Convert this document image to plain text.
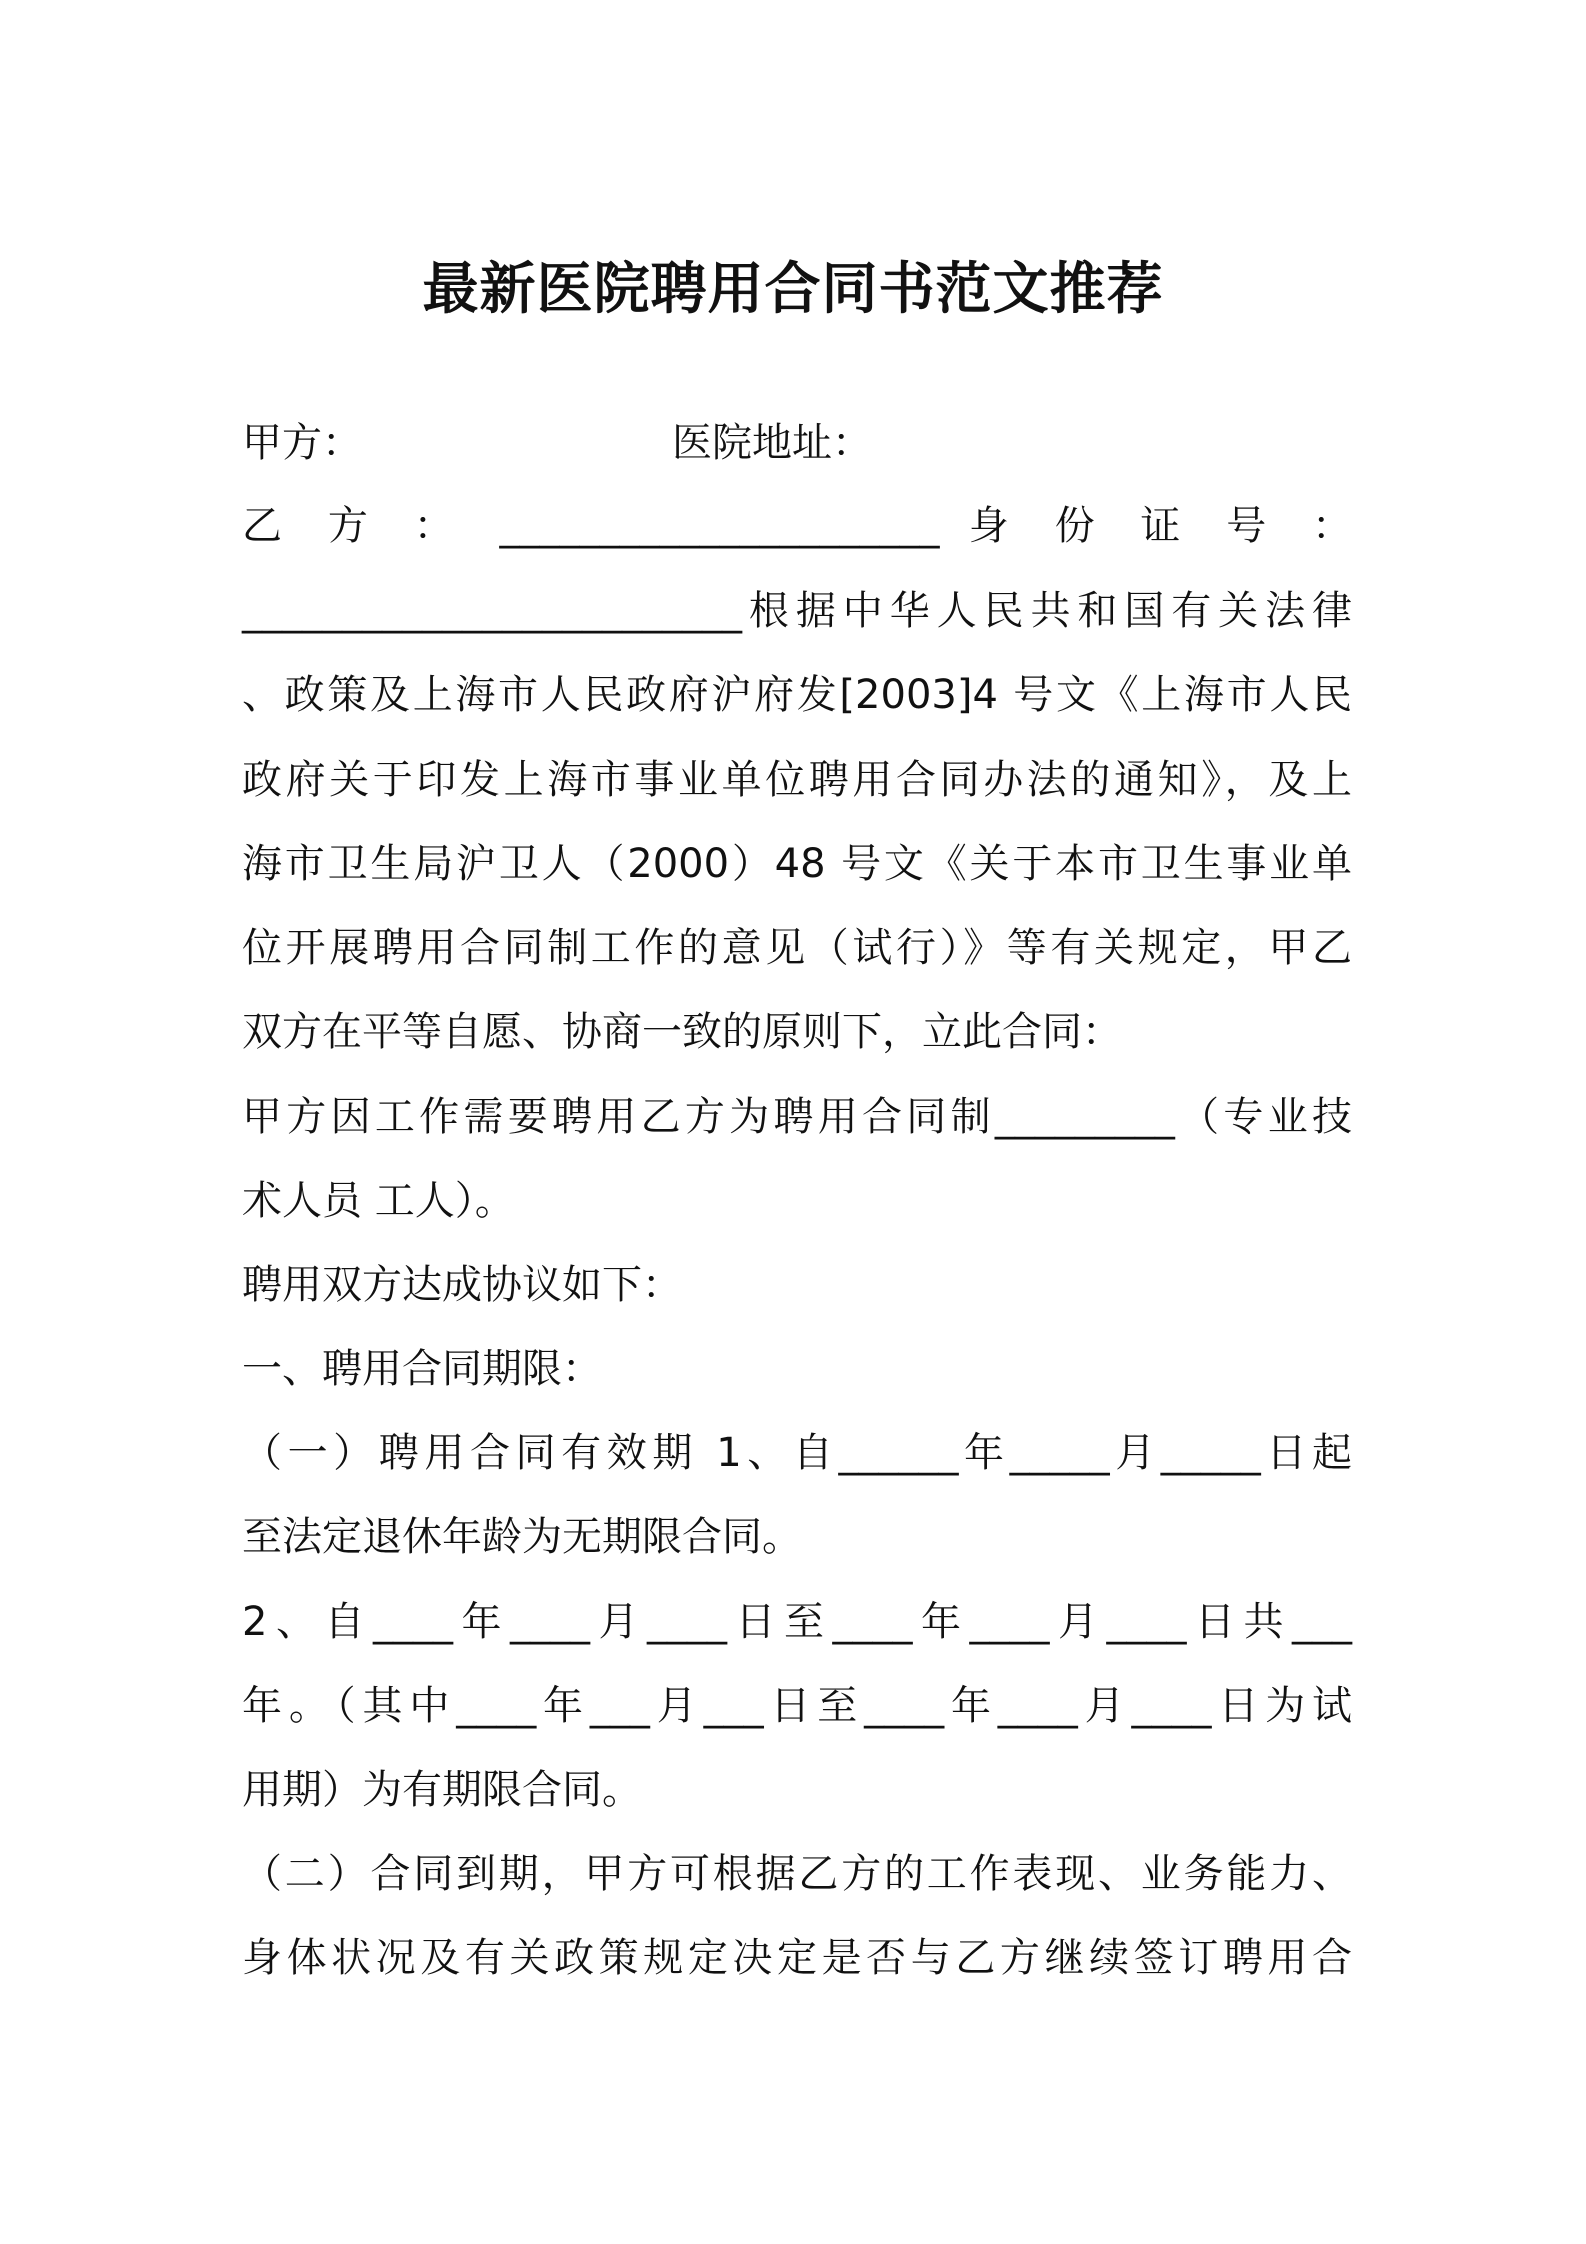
最新医院聘用合同书范文推荐
甲方：	医院地址：
乙 方 ： ______________________ 身 份 证 号 ：
_________________________根据中华人民共和国有关法律
、政策及上海市人民政府沪府发[2003]4 号文《上海市人民
政府关于印发上海市事业单位聘用合同办法的通知》，及上
海市卫生局沪卫人（2000）48 号文《关于本市卫生事业单
位开展聘用合同制工作的意见（试行）》等有关规定，甲乙
双方在平等自愿、协商一致的原则下，立此合同：
甲方因工作需要聘用乙方为聘用合同制_________（专业技
术人员 工人）。
聘用双方达成协议如下：
一、聘用合同期限：
（一）聘用合同有效期 1、自______年_____月_____日起
至法定退休年龄为无期限合同。
2、自____年____月____日至____年____月____日共___
年。（其中____年___月___日至____年____月____日为试
用期）为有期限合同。
（二）合同到期，甲方可根据乙方的工作表现、业务能力、
身体状况及有关政策规定决定是否与乙方继续签订聘用合
